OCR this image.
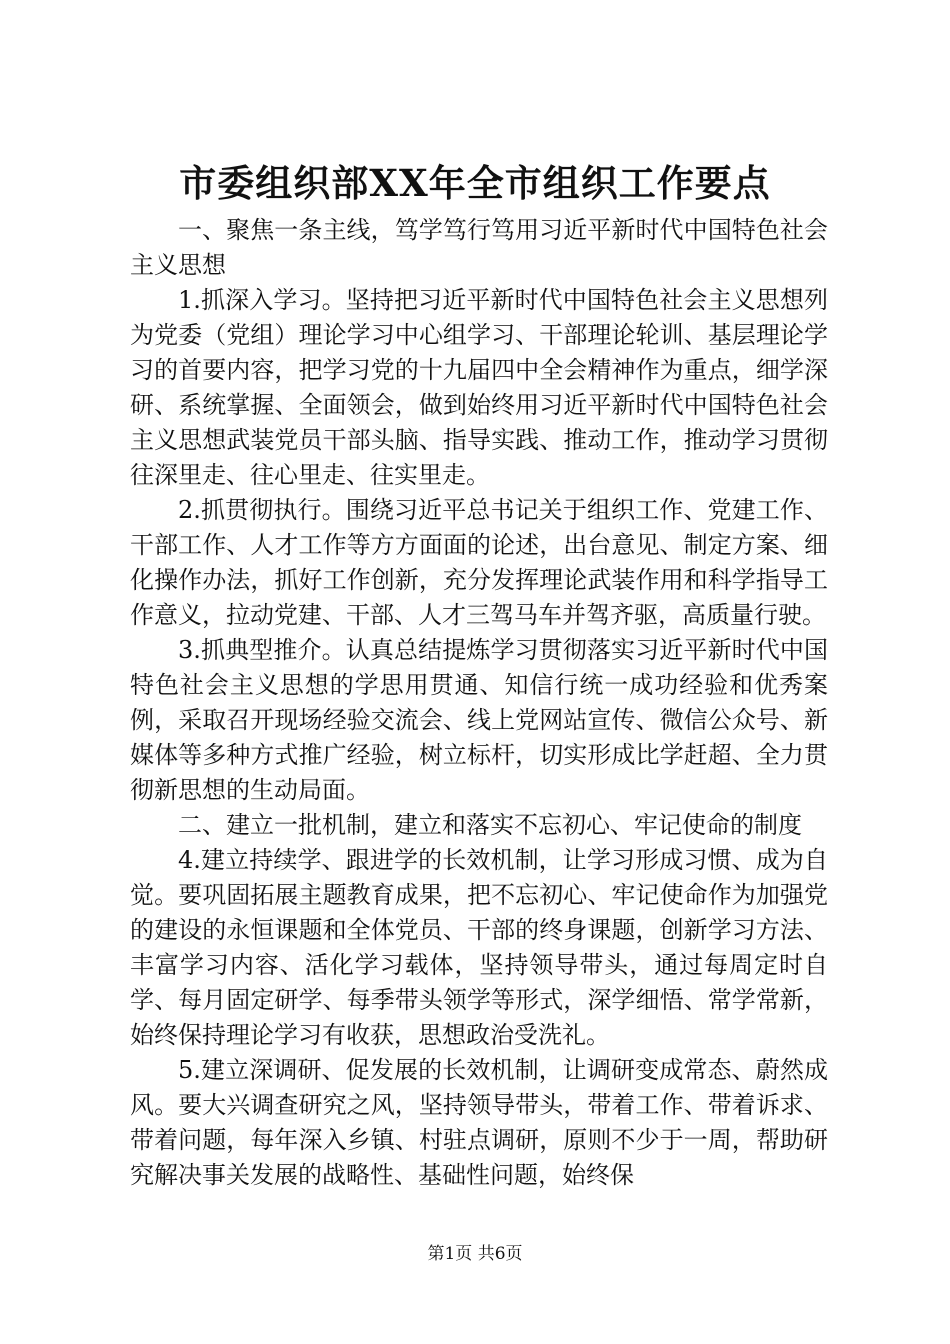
市委组织部XX年全市组织工作要点

一、聚焦一条主线，笃学笃行笃用习近平新时代中国特色社会主义思想

1.抓深入学习。坚持把习近平新时代中国特色社会主义思想列为党委（党组）理论学习中心组学习、干部理论轮训、基层理论学习的首要内容，把学习党的十九届四中全会精神作为重点，细学深研、系统掌握、全面领会，做到始终用习近平新时代中国特色社会主义思想武装党员干部头脑、指导实践、推动工作，推动学习贯彻往深里走、往心里走、往实里走。

2.抓贯彻执行。围绕习近平总书记关于组织工作、党建工作、干部工作、人才工作等方方面面的论述，出台意见、制定方案、细化操作办法，抓好工作创新，充分发挥理论武装作用和科学指导工作意义，拉动党建、干部、人才三驾马车并驾齐驱，高质量行驶。

3.抓典型推介。认真总结提炼学习贯彻落实习近平新时代中国特色社会主义思想的学思用贯通、知信行统一成功经验和优秀案例，采取召开现场经验交流会、线上党网站宣传、微信公众号、新媒体等多种方式推广经验，树立标杆，切实形成比学赶超、全力贯彻新思想的生动局面。

二、建立一批机制，建立和落实不忘初心、牢记使命的制度

4.建立持续学、跟进学的长效机制，让学习形成习惯、成为自觉。要巩固拓展主题教育成果，把不忘初心、牢记使命作为加强党的建设的永恒课题和全体党员、干部的终身课题，创新学习方法、丰富学习内容、活化学习载体，坚持领导带头，通过每周定时自学、每月固定研学、每季带头领学等形式，深学细悟、常学常新，始终保持理论学习有收获，思想政治受洗礼。

5.建立深调研、促发展的长效机制，让调研变成常态、蔚然成风。要大兴调查研究之风，坚持领导带头，带着工作、带着诉求、带着问题，每年深入乡镇、村驻点调研，原则不少于一周，帮助研究解决事关发展的战略性、基础性问题，始终保

第1页 共6页
